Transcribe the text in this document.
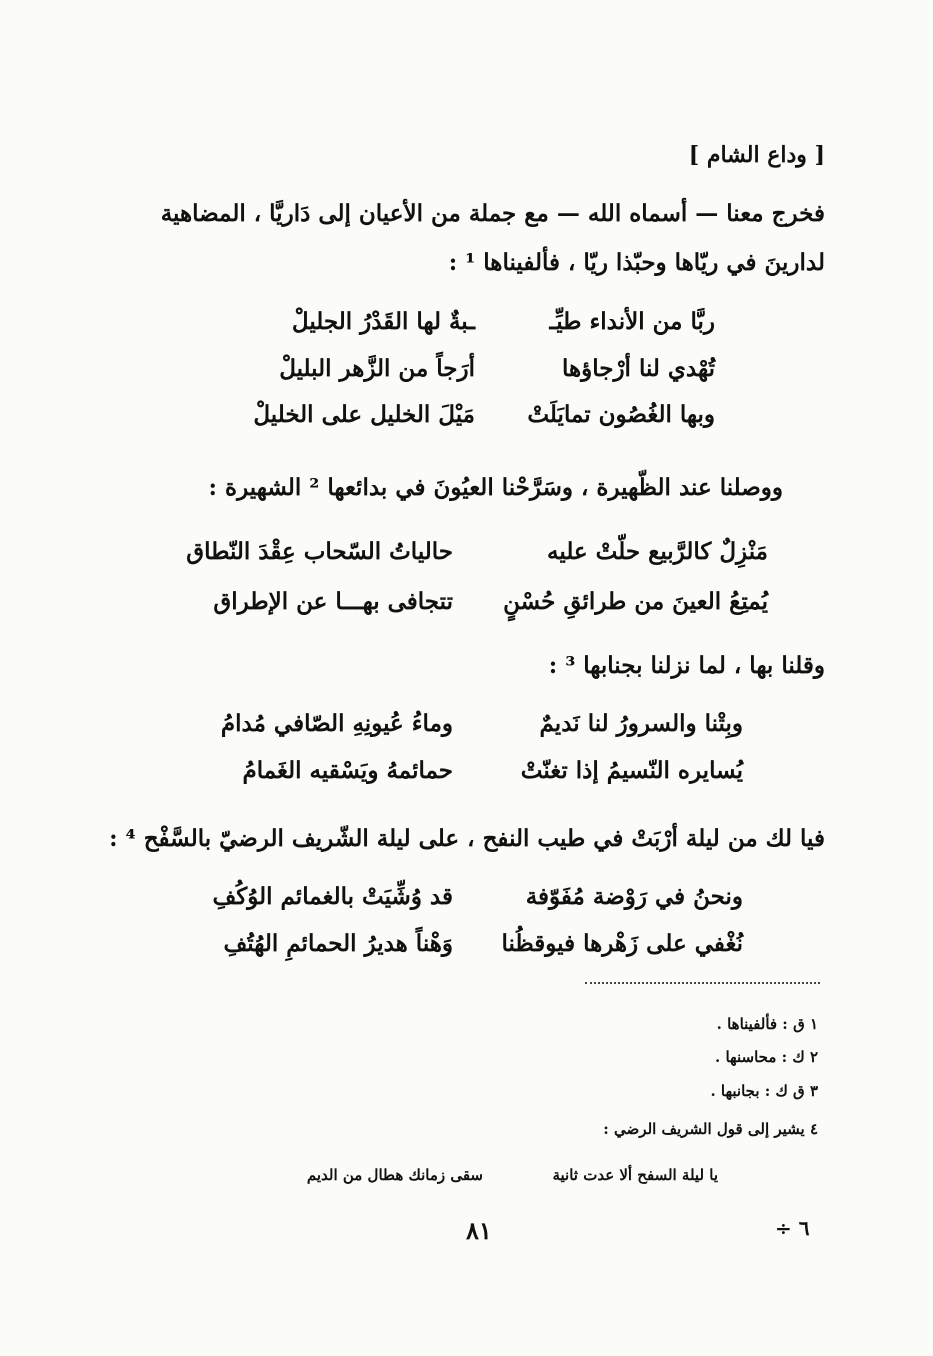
[ وداع الشام ]
فخرج معنا — أسماه الله — مع جملة من الأعيان إلى دَاريَّا ، المضاهية
لدارينَ في ريّاها وحبّذا ريّا ، فألفيناها ¹ :
ربَّا من الأنداء طيِّـ
ـبةٌ لها القَدْرُ الجليلْ
تُهْدي لنا أرْجاؤها
أرَجاً من الزَّهر البليلْ
وبها الغُصُون تمايَلَتْ
مَيْلَ الخليل على الخليلْ
ووصلنا عند الظّهيرة ، وسَرَّحْنا العيُونَ في بدائعها ² الشهيرة :
مَنْزِلٌ كالرَّبيع حلّتْ عليه
حالياتُ السّحاب عِقْدَ النّطاق
يُمتِعُ العينَ من طرائقِ حُسْنٍ
تتجافى بهـــا عن الإطراق
وقلنا بها ، لما نزلنا بجنابها ³ :
وبِتْنا والسرورُ لنا نَديمٌ
وماءُ عُيونِهِ الصّافي مُدامُ
يُسايره النّسيمُ إذا تغنّتْ
حمائمهُ ويَسْقيه الغَمامُ
فيا لك من ليلة أرْبَتْ في طيب النفح ، على ليلة الشّريف الرضيّ بالسَّفْح ⁴ :
ونحنُ في رَوْضة مُفَوّفة
قد وُشِّيَتْ بالغمائم الوُكُفِ
نُغْفي على زَهْرها فيوقظُنا
وَهْناً هديرُ الحمائمِ الهُتُفِ
١ ق : فألفيناها .
٢ ك : محاسنها .
٣ ق ك : بجانبها .
٤ يشير إلى قول الشريف الرضي :
يا ليلة السفح ألا عدت ثانية
سقى زمانك هطال من الديم
٨١	٦ ÷
